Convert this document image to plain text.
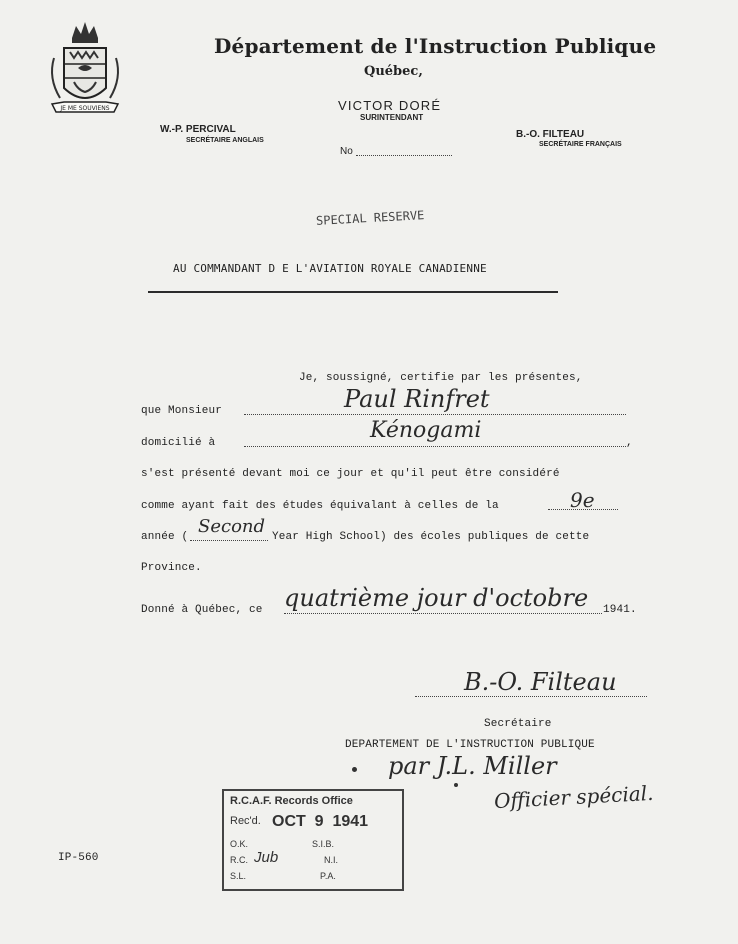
JE ME SOUVIENS
Département de l'Instruction Publique
Québec,
VICTOR DORÉ
SURINTENDANT
W.-P. PERCIVAL
SECRÉTAIRE ANGLAIS
B.-O. FILTEAU
SECRÉTAIRE FRANÇAIS
No
SPECIAL RESERVE
AU COMMANDANT D E L'AVIATION ROYALE CANADIENNE
Je, soussigné, certifie par les présentes,
que Monsieur	Paul Rinfret
domicilié à	Kénogami	,
s'est présenté devant moi ce jour et qu'il peut être considéré
comme ayant fait des études équivalant à celles de la	9e
année ( Second Year High School) des écoles publiques de cette
Province.
Donné à Québec, ce quatrième jour d'octobre 1941.
B.-O. Filteau
Secrétaire
DEPARTEMENT DE L'INSTRUCTION PUBLIQUE
par J.L. Miller
Officier spécial.
R.C.A.F. Records Office
Rec'd. OCT  9  1941
O.K.	S.I.B.
R.C. Jub	N.I.
S.L.	P.A.
IP-560
